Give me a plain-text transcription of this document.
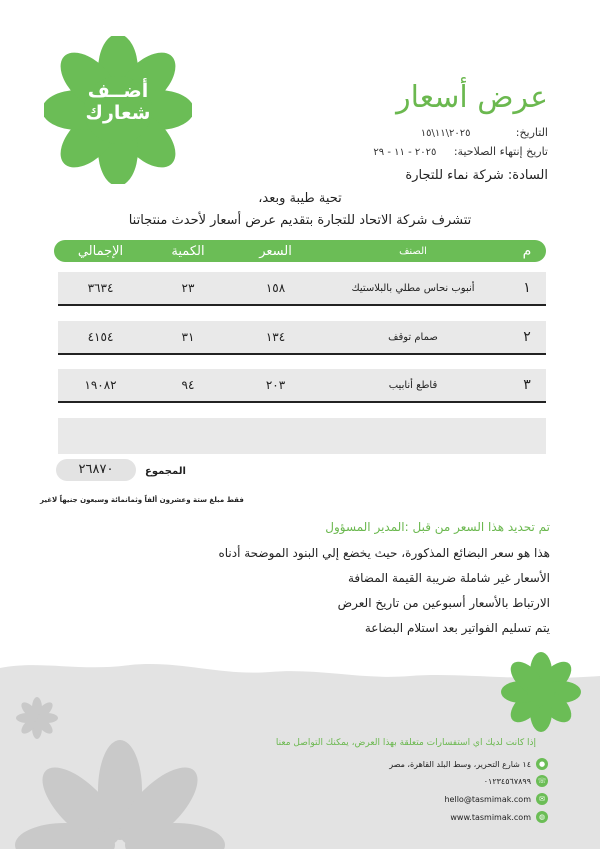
أضــف
شعارك	عرض أسعار
التاريخ: ٢٠٢٥\١١\١٥
تاريخ إنتهاء الصلاحية: ٢٠٢٥ - ١١ - ٢٩
السادة: شركة نماء للتجارة
تحية طيبة وبعد،
تتشرف شركة الاتحاد للتجارة بتقديم عرض أسعار لأحدث منتجاتنا
م
الصنف
السعر
الكمية
الإجمالي
١
أنبوب نحاس مطلي بالبلاستيك
١٥٨
٢٣
٣٦٣٤
٢
صمام توقف
١٣٤
٣١
٤١٥٤
٣
قاطع أنابيب
٢٠٣
٩٤
١٩٠٨٢
المجموع
٢٦٨٧٠
فقط مبلغ ستة وعشرون ألفاً وثمانمائة وسبعون جنيهاً لاغير
تم تحديد هذا السعر من قبل :المدير المسؤول
هذا هو سعر البضائع المذكورة، حيث يخضع إلي البنود الموضحة أدناه
الأسعار غير شاملة ضريبة القيمة المضافة
الارتباط بالأسعار أسبوعين من تاريخ العرض
يتم تسليم الفواتير بعد استلام البضاعة
إذا كانت لديك اي استفسارات متعلقة بهذا العرض، يمكنك التواصل معنا
●
١٤ شارع التحرير، وسط البلد القاهرة، مصر
☏
٠١٢٣٤٥٦٧٨٩٩
✉
hello@tasmimak.com
◍
www.tasmimak.com
